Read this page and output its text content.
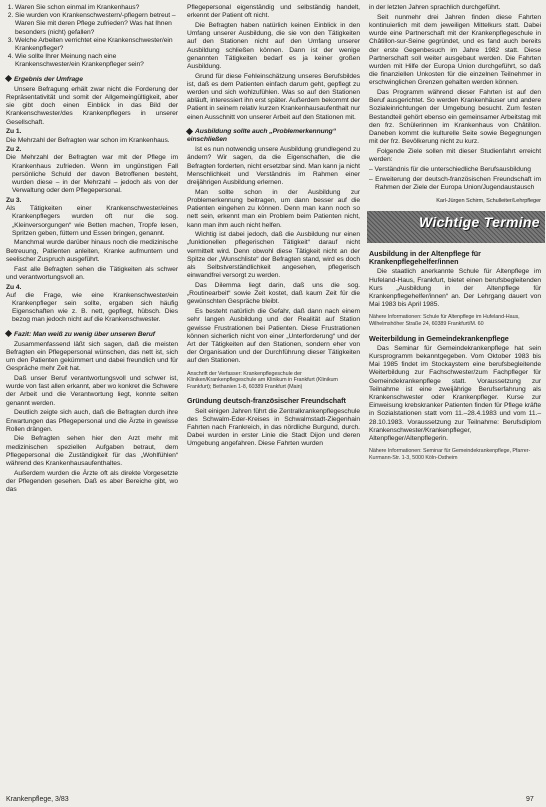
1. Waren Sie schon einmal im Krankenhaus?
2. Sie wurden von Krankenschwestern/-pflegern betreut – Waren Sie mit deren Pflege zufrieden? Was hat Ihnen besonders (nicht) gefallen?
3. Welche Arbeiten verrichtet eine Krankenschwester/ein Krankenpfleger?
4. Wie sollte Ihrer Meinung nach eine Krankenschwester/ein Krankenpfleger sein?
Ergebnis der Umfrage

Unsere Befragung erhält zwar nicht die Forderung der Repräsentativität und somit der Allgemeingültigkeit, aber sie gibt doch einen Einblick in das Bild der Krankenschwester/des Krankenpflegers in unserer Gesellschaft.

Zu 1.

Die Mehrzahl der Befragten war schon im Krankenhaus.

Zu 2.

Die Mehrzahl der Befragten war mit der Pflege im Krankenhaus zufrieden. Wenn im ungünstigen Fall persönliche Schuld der davon Betroffenen besteht, wurden diese – in der Mehrzahl – jedoch als von der Verwaltung oder dem Pflegepersonal.

Zu 3.

Als Tätigkeiten einer Krankenschwester/eines Krankenpflegers wurden oft nur die sog. „Kleinversorgungen“ wie Betten machen, Tropfe lesen, Spritzen geben, füttern und Essen bringen, genannt.

Manchmal wurde darüber hinaus noch die medizinische Betreuung, Patienten anleiten, Kranke aufmuntern und seelischer Zuspruch ausgeführt.

Fast alle Befragten sehen die Tätigkeiten als schwer und verantwortungsvoll an.

Zu 4.

Auf die Frage, wie eine Krankenschwester/ein Krankenpfleger sein sollte, ergaben sich häufig Eigenschaften wie z. B. nett, gepflegt, hübsch. Dies bezog man jedoch nicht auf die Krankenschwester.

Fazit: Man weiß zu wenig über unseren Beruf

Zusammenfassend läßt sich sagen, daß die meisten Befragten ein Pflegepersonal wünschen, das nett ist, sich um den Patienten gekümmert und dabei freundlich und für Gespräche mehr Zeit hat.

Daß unser Beruf verantwortungsvoll und schwer ist, wurde von fast allen erkannt, aber wo konkret die Schwere der Arbeit und die Verantwortung liegt, konnte selten genannt werden.

Deutlich zeigte sich auch, daß die Befragten durch ihre Erwartungen das Pflegepersonal und die Ärzte in gewisse Rollen drängen.

Die Befragten sehen hier den Arzt mehr mit medizinischen speziellen Aufgaben betraut, dem Pflegepersonal die Zuständigkeit für das „Wohlfühlen“ während des Krankenhausaufenthaltes.

Außerdem wurden die Ärzte oft als direkte Vorgesetzte der Pflegenden gesehen. Daß es aber Bereiche gibt, wo das

Pflegepersonal eigenständig und selbständig handelt, erkennt der Patient oft nicht.

Die Befragten haben natürlich keinen Einblick in den Umfang unserer Ausbildung, die sie von den Tätigkeiten auf den Stationen nicht auf den Umfang unserer Ausbildung schließen können. Dann ist der wenige genannten Tätigkeiten bedarf es ja keiner großen Ausbildung.

Grund für diese Fehleinschätzung unseres Berufsbildes ist, daß es dem Patienten einfach darum geht, gepflegt zu werden und sich wohlzufühlen. Was so auf den Stationen abläuft, interessiert ihn erst später. Außerdem bekommt der Patient in seinem relativ kurzen Krankenhausaufenthalt nur einen Ausschnitt von unserer Arbeit auf den Stationen mit.

Ausbildung sollte auch „Problemerkennung“ einschließen

Ist es nun notwendig unsere Ausbildung grundlegend zu ändern? Wir sagen, da die Eigenschaften, die die Befragten forderten, nicht ersetzbar sind. Man kann ja nicht Menschlichkeit und Verständnis im Rahmen einer dreijährigen Ausbildung erlernen.

Man sollte schon in der Ausbildung zur Problemerkennung beitragen, um dann besser auf die Patienten eingehen zu können. Denn man kann noch so nett sein, erkennt man ein Problem beim Patienten nicht, kann man ihm auch nicht helfen.

Wichtig ist dabei jedoch, daß die Ausbildung nur einen „funktionellen pflegerischen Tätigkeit“ darauf nicht vermittelt wird. Denn obwohl diese Tätigkeit nicht an der Spitze der „Wunschliste“ der Befragten stand, wird es doch als Selbstverständlichkeit angesehen, pflegerisch einwandfrei versorgt zu werden.

Das Dilemma liegt darin, daß uns die sog. „Routinearbeit“ sowie Zeit kostet, daß kaum Zeit für die gewünschten Gespräche bleibt.

Es besteht natürlich die Gefahr, daß dann nach einem sehr langen Ausbildung und der Realität auf Station gewisse Frustrationen bei Patienten. Diese Frustrationen können sicherlich nicht von einer „Unterforderung“ und der Art der Tätigkeiten auf den Stationen, sondern eher von der Organisation und der Durchführung dieser Tätigkeiten auf den Stationen.

Anschrift der Verfasser: Krankenpflegeschule der Kliniken/Krankenpflegeschule am Klinikum in Frankfurt (Klinikum Frankfurt); Bethanien 1-8, 60389 Frankfurt (Main)
Gründung deutsch-französischer Freundschaft

Seit einigen Jahren führt die Zentralkrankenpflegeschule des Schwalm-Eder-Kreises in Schwalmstadt-Ziegenhain Fahrten nach Frankreich, in das nördliche Burgund, durch. Dabei wurden in erster Linie die Stadt Dijon und deren Umgebung angefahren. Diese Fahrten wurden

in der letzten Jahren sprachlich durchgeführt.

Seit nunmehr drei Jahren finden diese Fahrten kontinuierlich mit dem jeweiligen Mittelkurs statt. Dabei wurde eine Partnerschaft mit der Krankenpflegeschule in Châtillon-sur-Seine gegründet, und es fand auch bereits der erste Gegenbesuch im Jahre 1982 statt. Diese Partnerschaft soll weiter ausgebaut werden. Die Fahrten wurden mit Hilfe der Europa Union durchgeführt, so daß die finanziellen Unkosten für die einzelnen Teilnehmer in erschwinglichen Grenzen gehalten werden können.

Das Programm während dieser Fahrten ist auf den Beruf ausgerichtet. So werden Krankenhäuser und andere Sozialeinrichtungen der Umgebung besucht. Zum festen Bestandteil gehört ebenso ein gemeinsamer Arbeitstag mit den frz. Schülerinnen im Krankenhaus von Châtillon. Daneben kommt die kulturelle Seite sowie Begegnungen mit der frz. Bevölkerung nicht zu kurz.

Folgende Ziele sollen mit dieser Studienfahrt erreicht werden:

– Verständnis für die unterschiedliche Berufsausbildung

– Erweiterung der deutsch-französischen Freundschaft im Rahmen der Ziele der Europa Union/Jugendaustausch

Karl-Jürgen Schirm, Schulleiter/Lehrpfleger
Wichtige Termine
Ausbildung in der Altenpflege für Krankenpflegehelfer/innen

Die staatlich anerkannte Schule für Altenpflege im Hufeland-Haus, Frankfurt, bietet einen berufsbegleitenden Kurs „Ausbildung in der Altenpflege für Krankenpflegehelfer/innen“ an. Der Lehrgang dauert von Mai 1983 bis April 1985.

Nähere Informationen: Schule für Altenpflege im Hufeland-Haus, Wilhelmshöher Straße 24, 60389 Frankfurt/M. 60
Weiterbildung in Gemeindekrankenpflege

Das Seminar für Gemeindekrankenpflege hat sein Kursprogramm bekanntgegeben. Vom Oktober 1983 bis Mai 1985 findet im Stockaystem eine berufsbegleitende Weiterbildung zur Fachschwester/zum Fachpfleger für Gemeindekrankenpflege statt. Voraussetzung zur Teilnahme ist eine zweijährige Berufserfahrung als Krankenschwester oder Krankenpfleger. Kurse zur Einweisung krebskranker Patienten finden für Pflege kräfte in Sozialstationen statt vom 11.–28.4.1983 und vom 11.–28.10.1983. Voraussetzung zur Teilnahme: Berufsdiplom Krankenschwester/Krankenpfleger, Altenpfleger/Altenpflegerin.

Nähere Informationen: Seminar für Gemeindekrankenpflege, Pfarrer-Kurmann-Str. 1-3, 5000 Köln-Ostheim
Krankenpflege, 3/83	97
